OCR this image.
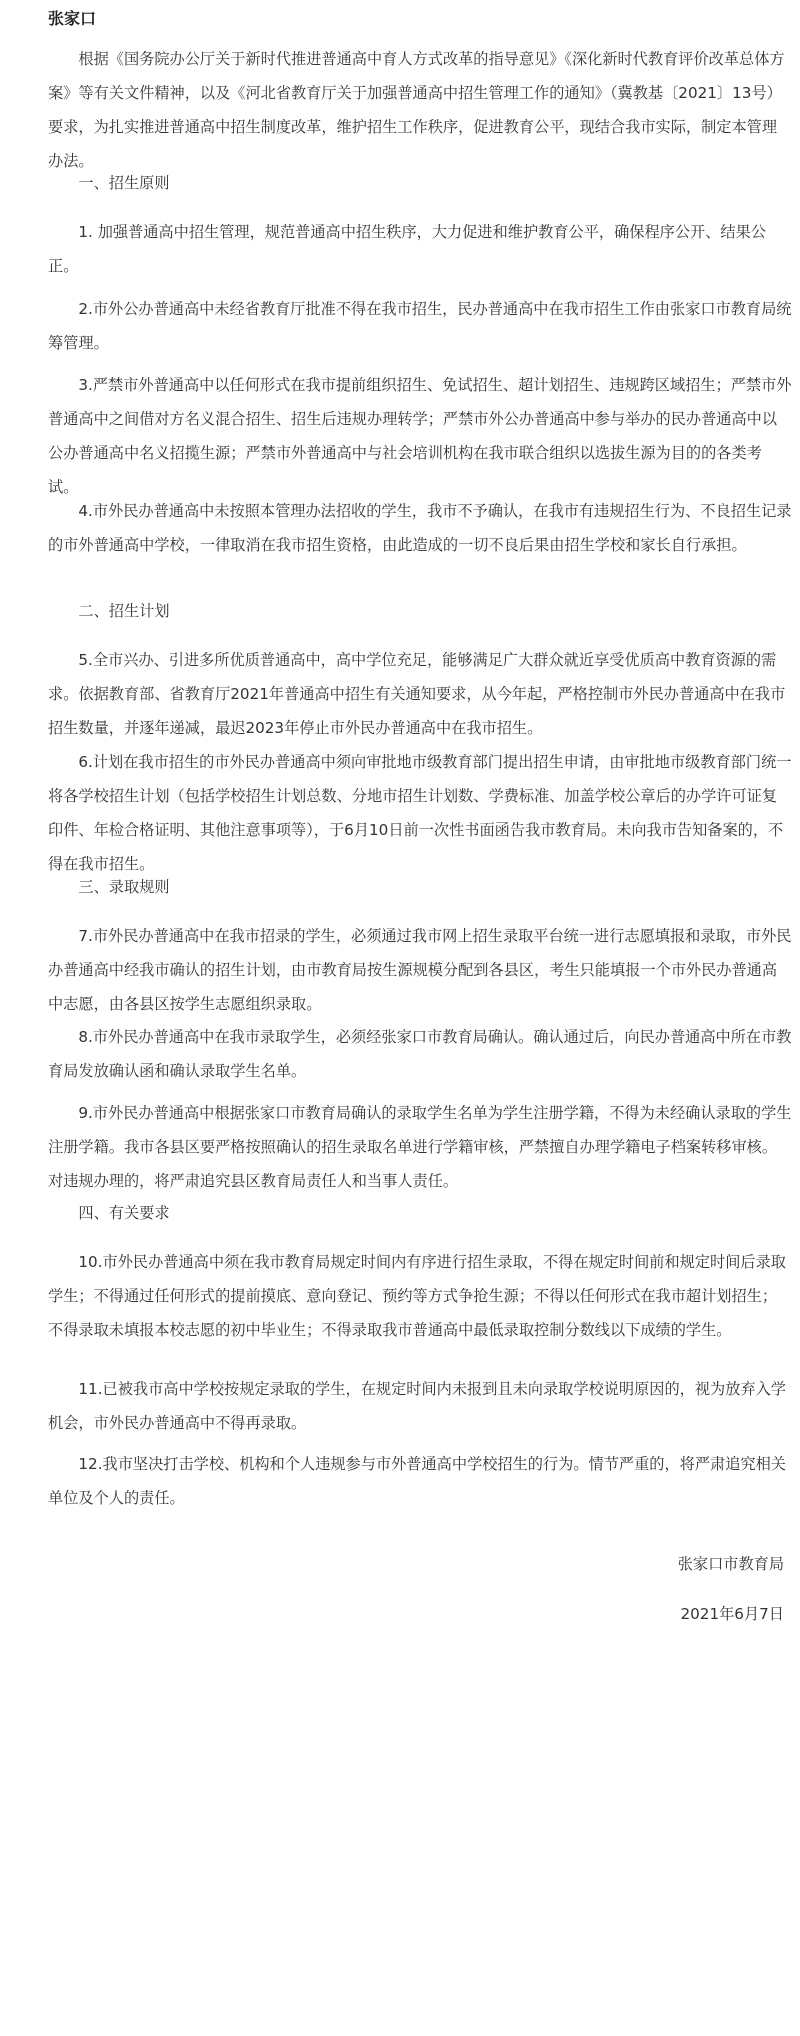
张家口
　　根据《国务院办公厅关于新时代推进普通高中育人方式改革的指导意见》《深化新时代教育评价改革总体方案》等有关文件精神，以及《河北省教育厅关于加强普通高中招生管理工作的通知》（冀教基〔2021〕13号）要求，为扎实推进普通高中招生制度改革，维护招生工作秩序，促进教育公平，现结合我市实际，制定本管理办法。
　　一、招生原则
　　1. 加强普通高中招生管理，规范普通高中招生秩序，大力促进和维护教育公平，确保程序公开、结果公正。
　　2.市外公办普通高中未经省教育厅批准不得在我市招生，民办普通高中在我市招生工作由张家口市教育局统筹管理。
　　3.严禁市外普通高中以任何形式在我市提前组织招生、免试招生、超计划招生、违规跨区域招生；严禁市外普通高中之间借对方名义混合招生、招生后违规办理转学；严禁市外公办普通高中参与举办的民办普通高中以公办普通高中名义招揽生源；严禁市外普通高中与社会培训机构在我市联合组织以选拔生源为目的的各类考试。
　　4.市外民办普通高中未按照本管理办法招收的学生，我市不予确认，在我市有违规招生行为、不良招生记录的市外普通高中学校，一律取消在我市招生资格，由此造成的一切不良后果由招生学校和家长自行承担。
　　二、招生计划
　　5.全市兴办、引进多所优质普通高中，高中学位充足，能够满足广大群众就近享受优质高中教育资源的需求。依据教育部、省教育厅2021年普通高中招生有关通知要求，从今年起，严格控制市外民办普通高中在我市招生数量，并逐年递减，最迟2023年停止市外民办普通高中在我市招生。
　　6.计划在我市招生的市外民办普通高中须向审批地市级教育部门提出招生申请，由审批地市级教育部门统一将各学校招生计划（包括学校招生计划总数、分地市招生计划数、学费标准、加盖学校公章后的办学许可证复印件、年检合格证明、其他注意事项等），于6月10日前一次性书面函告我市教育局。未向我市告知备案的，不得在我市招生。
　　三、录取规则
　　7.市外民办普通高中在我市招录的学生，必须通过我市网上招生录取平台统一进行志愿填报和录取，市外民办普通高中经我市确认的招生计划，由市教育局按生源规模分配到各县区，考生只能填报一个市外民办普通高中志愿，由各县区按学生志愿组织录取。
　　8.市外民办普通高中在我市录取学生，必须经张家口市教育局确认。确认通过后，向民办普通高中所在市教育局发放确认函和确认录取学生名单。
　　9.市外民办普通高中根据张家口市教育局确认的录取学生名单为学生注册学籍，不得为未经确认录取的学生注册学籍。我市各县区要严格按照确认的招生录取名单进行学籍审核，严禁擅自办理学籍电子档案转移审核。对违规办理的，将严肃追究县区教育局责任人和当事人责任。
　　四、有关要求
　　10.市外民办普通高中须在我市教育局规定时间内有序进行招生录取，不得在规定时间前和规定时间后录取学生；不得通过任何形式的提前摸底、意向登记、预约等方式争抢生源；不得以任何形式在我市超计划招生；不得录取未填报本校志愿的初中毕业生；不得录取我市普通高中最低录取控制分数线以下成绩的学生。
　　11.已被我市高中学校按规定录取的学生，在规定时间内未报到且未向录取学校说明原因的，视为放弃入学机会，市外民办普通高中不得再录取。
　　12.我市坚决打击学校、机构和个人违规参与市外普通高中学校招生的行为。情节严重的，将严肃追究相关单位及个人的责任。
张家口市教育局
2021年6月7日
